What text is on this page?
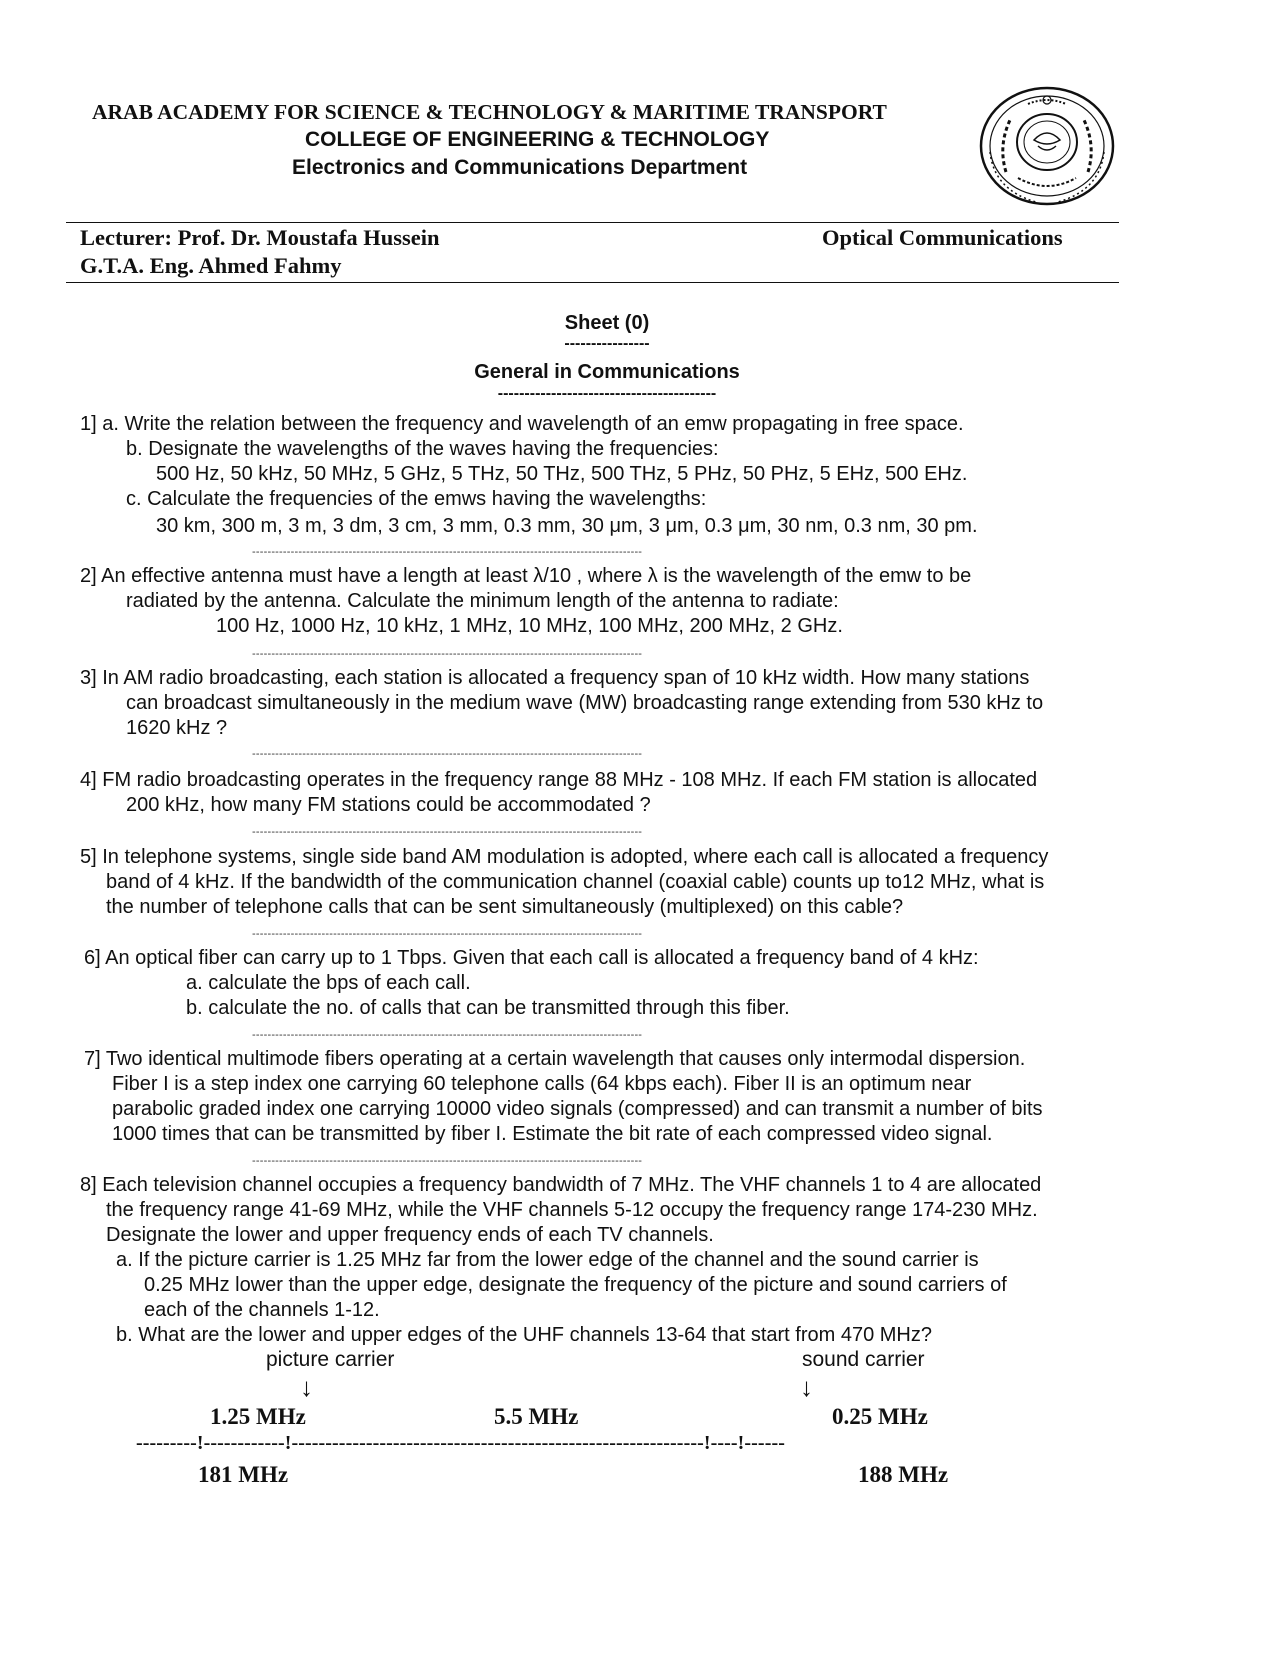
ARAB ACADEMY FOR SCIENCE & TECHNOLOGY & MARITIME TRANSPORT
COLLEGE OF ENGINEERING & TECHNOLOGY
Electronics and Communications Department
Lecturer: Prof. Dr. Moustafa Hussein	Optical Communications
G.T.A. Eng. Ahmed Fahmy
Sheet (0)
----------------
General in Communications
-----------------------------------------
1] a. Write the relation between the frequency and wavelength of an emw propagating in free space.
b. Designate the wavelengths of the waves having the frequencies:
500 Hz, 50 kHz, 50 MHz, 5 GHz, 5 THz, 50 THz, 500 THz, 5 PHz, 50 PHz, 5 EHz, 500 EHz.
c. Calculate the frequencies of the emws having the wavelengths:
30 km, 300 m, 3 m, 3 dm, 3 cm, 3 mm, 0.3 mm, 30 μm, 3 μm, 0.3 μm, 30 nm, 0.3 nm, 30 pm.
-----------------------------------------------------------------------------------------------------
2] An effective antenna must have a length at least λ/10 , where λ is the wavelength of the emw to be
radiated by the antenna. Calculate the minimum length of the antenna to radiate:
100 Hz, 1000 Hz, 10 kHz, 1 MHz, 10 MHz, 100 MHz, 200 MHz, 2 GHz.
-----------------------------------------------------------------------------------------------------
3] In AM radio broadcasting, each station is allocated a frequency span of 10 kHz width. How many stations
can broadcast simultaneously in the medium wave (MW) broadcasting range extending from 530 kHz to
1620 kHz ?
-----------------------------------------------------------------------------------------------------
4] FM radio broadcasting operates in the frequency range 88 MHz - 108 MHz. If each FM station is allocated
200 kHz, how many FM stations could be accommodated ?
-----------------------------------------------------------------------------------------------------
5] In telephone systems, single side band AM modulation is adopted, where each call is allocated a frequency
band of 4 kHz. If the bandwidth of the communication channel (coaxial cable) counts up to12 MHz, what is
the number of telephone calls that can be sent simultaneously (multiplexed) on this cable?
-----------------------------------------------------------------------------------------------------
6] An optical fiber can carry up to 1 Tbps. Given that each call is allocated a frequency band of 4 kHz:
a. calculate the bps of each call.
b. calculate the no. of calls that can be transmitted through this fiber.
-----------------------------------------------------------------------------------------------------
7] Two identical multimode fibers operating at a certain wavelength that causes only intermodal dispersion.
Fiber I is a step index one carrying 60 telephone calls (64 kbps each). Fiber II is an optimum near
parabolic graded index one carrying 10000 video signals (compressed) and can transmit a number of bits
1000 times that can be transmitted by fiber I. Estimate the bit rate of each compressed video signal.
-----------------------------------------------------------------------------------------------------
8] Each television channel occupies a frequency bandwidth of 7 MHz. The VHF channels 1 to 4 are allocated
the frequency range 41-69 MHz, while the VHF channels 5-12 occupy the frequency range 174-230 MHz.
Designate the lower and upper frequency ends of each TV channels.
a. If the picture carrier is 1.25 MHz far from the lower edge of the channel and the sound carrier is
0.25 MHz lower than the upper edge, designate the frequency of the picture and sound carriers of
each of the channels 1-12.
b. What are the lower and upper edges of the UHF channels 13-64 that start from 470 MHz?
picture carrier	sound carrier
↓	↓
1.25 MHz	5.5 MHz	0.25 MHz
---------!------------!-------------------------------------------------------------!----!------
181 MHz	188 MHz
